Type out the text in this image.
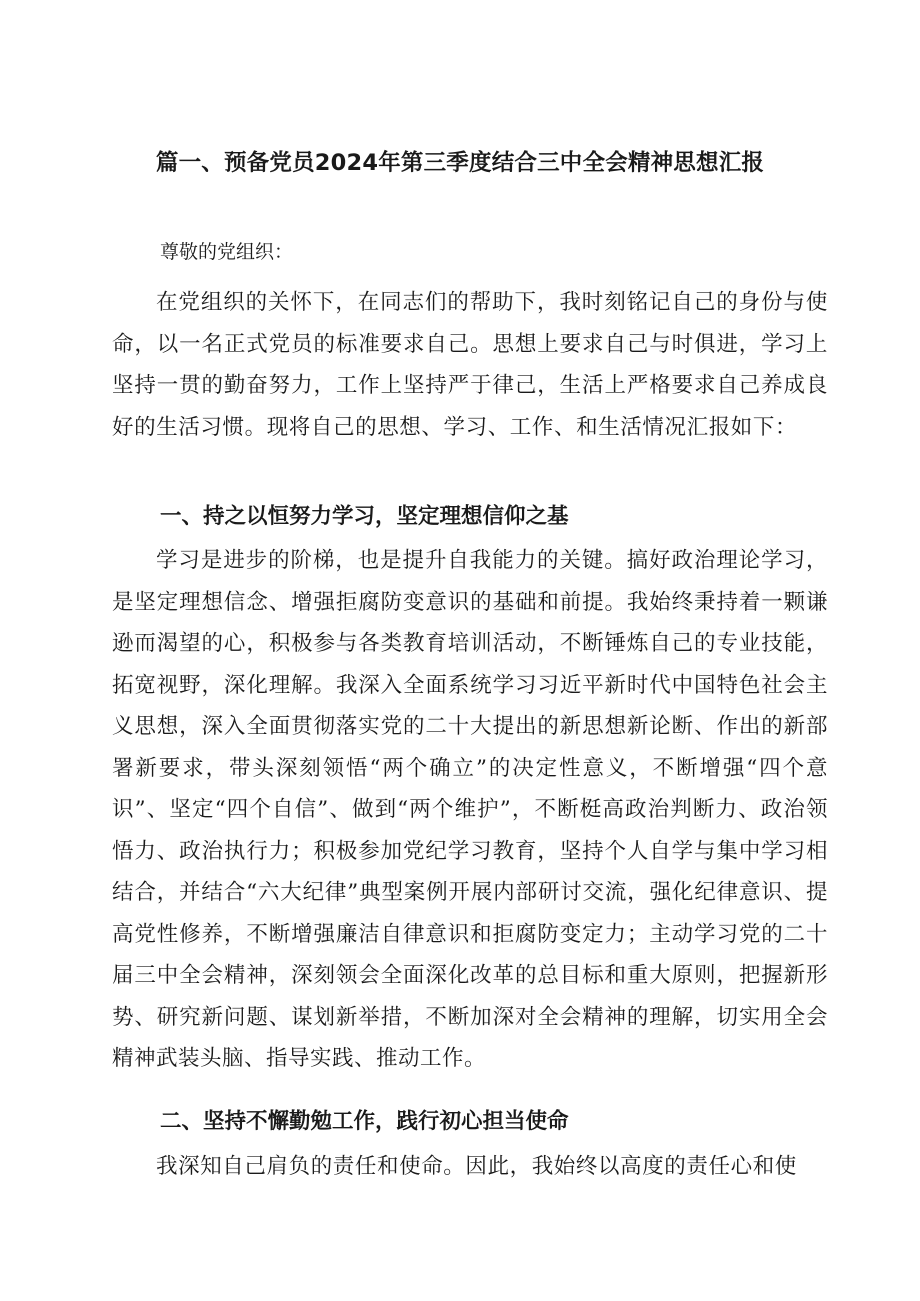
篇一、预备党员2024年第三季度结合三中全会精神思想汇报

尊敬的党组织：

在党组织的关怀下，在同志们的帮助下，我时刻铭记自己的身份与使命，以一名正式党员的标准要求自己。思想上要求自己与时俱进，学习上坚持一贯的勤奋努力，工作上坚持严于律己，生活上严格要求自己养成良好的生活习惯。现将自己的思想、学习、工作、和生活情况汇报如下：

一、持之以恒努力学习，坚定理想信仰之基

学习是进步的阶梯，也是提升自我能力的关键。搞好政治理论学习，是坚定理想信念、增强拒腐防变意识的基础和前提。我始终秉持着一颗谦逊而渴望的心，积极参与各类教育培训活动，不断锤炼自己的专业技能，拓宽视野，深化理解。我深入全面系统学习习近平新时代中国特色社会主义思想，深入全面贯彻落实党的二十大提出的新思想新论断、作出的新部署新要求，带头深刻领悟“两个确立”的决定性意义，不断增强“四个意识”、坚定“四个自信”、做到“两个维护”，不断梃高政治判断力、政治领悟力、政治执行力；积极参加党纪学习教育，坚持个人自学与集中学习相结合，并结合“六大纪律”典型案例开展内部研讨交流，强化纪律意识、提高党性修养，不断增强廉洁自律意识和拒腐防变定力；主动学习党的二十届三中全会精神，深刻领会全面深化改革的总目标和重大原则，把握新形势、研究新问题、谋划新举措，不断加深对全会精神的理解，切实用全会精神武装头脑、指导实践、推动工作。

二、坚持不懈勤勉工作，践行初心担当使命

我深知自己肩负的责任和使命。因此，我始终以高度的责任心和使
